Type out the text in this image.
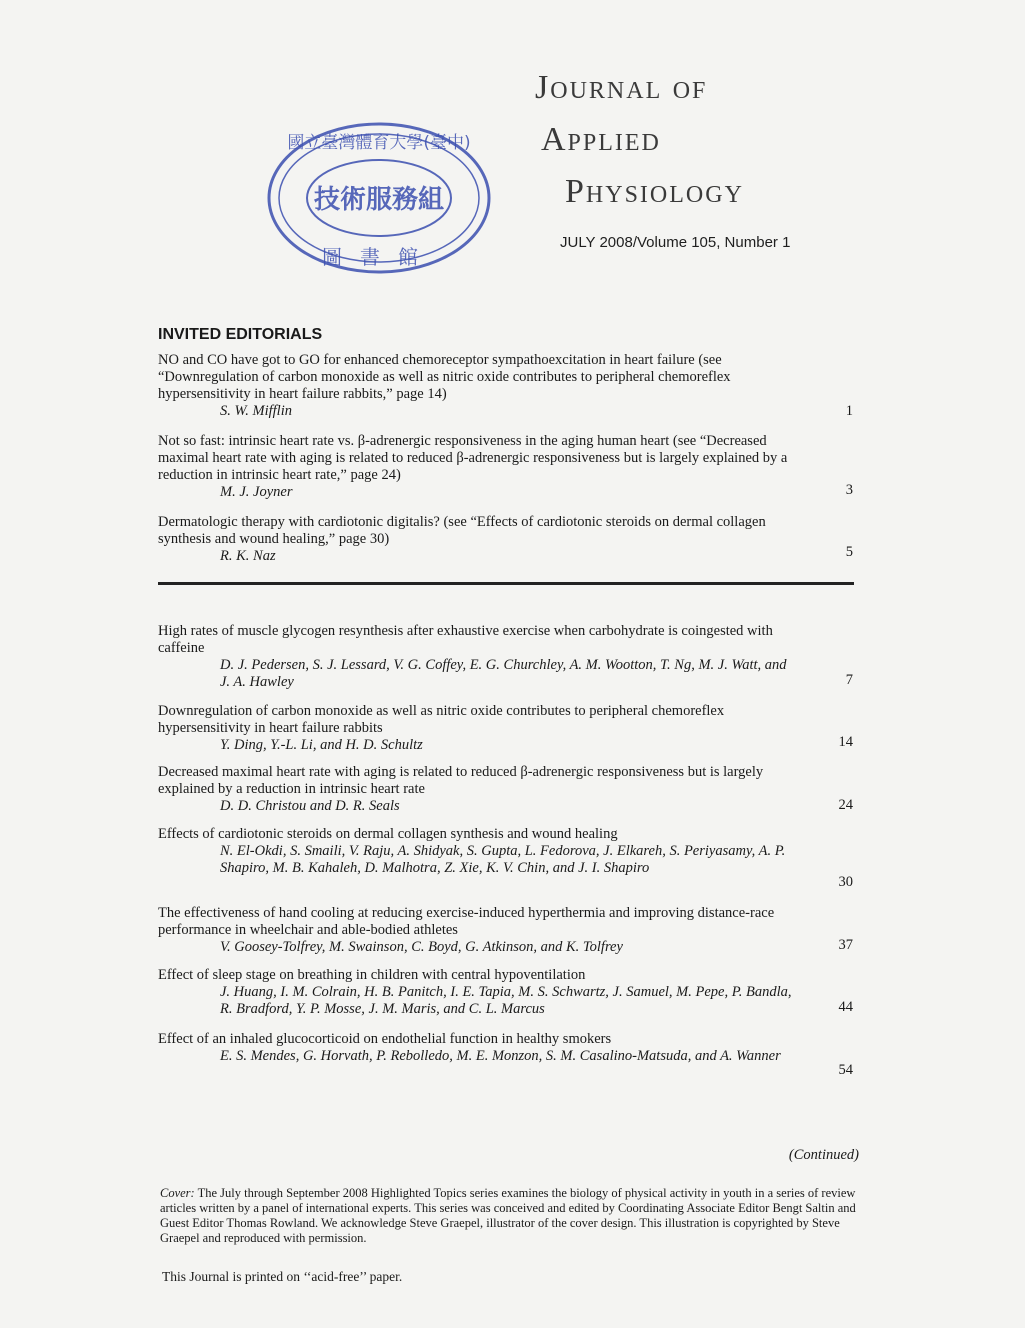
國立臺灣體育大學(臺中)
技術服務組
圖書館
Journal of
Applied
Physiology
JULY 2008/Volume 105, Number 1
INVITED EDITORIALS
NO and CO have got to GO for enhanced chemoreceptor sympathoexcitation in heart failure (see “Downregulation of carbon monoxide as well as nitric oxide contributes to peripheral chemoreflex hypersensitivity in heart failure rabbits,” page 14)
S. W. Mifflin	1
Not so fast: intrinsic heart rate vs. β-adrenergic responsiveness in the aging human heart (see “Decreased maximal heart rate with aging is related to reduced β-adrenergic responsiveness but is largely explained by a reduction in intrinsic heart rate,” page 24)
M. J. Joyner	3
Dermatologic therapy with cardiotonic digitalis? (see “Effects of cardiotonic steroids on dermal collagen synthesis and wound healing,” page 30)
R. K. Naz	5
High rates of muscle glycogen resynthesis after exhaustive exercise when carbohydrate is coingested with caffeine
D. J. Pedersen, S. J. Lessard, V. G. Coffey, E. G. Churchley, A. M. Wootton, T. Ng, M. J. Watt, and J. A. Hawley	7
Downregulation of carbon monoxide as well as nitric oxide contributes to peripheral chemoreflex hypersensitivity in heart failure rabbits
Y. Ding, Y.-L. Li, and H. D. Schultz	14
Decreased maximal heart rate with aging is related to reduced β-adrenergic responsiveness but is largely explained by a reduction in intrinsic heart rate
D. D. Christou and D. R. Seals	24
Effects of cardiotonic steroids on dermal collagen synthesis and wound healing
N. El-Okdi, S. Smaili, V. Raju, A. Shidyak, S. Gupta, L. Fedorova, J. Elkareh, S. Periyasamy, A. P. Shapiro, M. B. Kahaleh, D. Malhotra, Z. Xie, K. V. Chin, and J. I. Shapiro
30
The effectiveness of hand cooling at reducing exercise-induced hyperthermia and improving distance-race performance in wheelchair and able-bodied athletes
V. Goosey-Tolfrey, M. Swainson, C. Boyd, G. Atkinson, and K. Tolfrey	37
Effect of sleep stage on breathing in children with central hypoventilation
J. Huang, I. M. Colrain, H. B. Panitch, I. E. Tapia, M. S. Schwartz, J. Samuel, M. Pepe, P. Bandla, R. Bradford, Y. P. Mosse, J. M. Maris, and C. L. Marcus	44
Effect of an inhaled glucocorticoid on endothelial function in healthy smokers
E. S. Mendes, G. Horvath, P. Rebolledo, M. E. Monzon, S. M. Casalino-Matsuda, and A. Wanner
54
(Continued)
Cover: The July through September 2008 Highlighted Topics series examines the biology of physical activity in youth in a series of review articles written by a panel of international experts. This series was conceived and edited by Coordinating Associate Editor Bengt Saltin and Guest Editor Thomas Rowland. We acknowledge Steve Graepel, illustrator of the cover design. This illustration is copyrighted by Steve Graepel and reproduced with permission.
This Journal is printed on ‘‘acid-free’’ paper.
